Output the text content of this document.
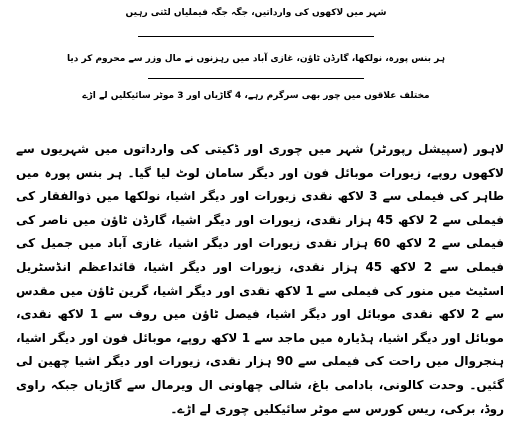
شہر میں لاکھوں کی وارداتیں، جگہ جگہ فیملیاں لٹتی رہیں
ہر بنس پورہ، نولکھا، گارڈن ٹاؤن، غازی آباد میں رہزنوں نے مال وزر سے محروم کر دیا
مختلف علاقوں میں چور بھی سرگرم رہے، 4 گاڑیاں اور 3 موٹر سائیکلیں لے اڑے

لاہور (سپیشل رپورٹر) شہر میں چوری اور ڈکیتی کی وارداتوں میں شہریوں سے لاکھوں روپے، زیورات موبائل فون اور دیگر سامان لوٹ لیا گیا۔ ہر بنس پورہ میں طاہر کی فیملی سے 3 لاکھ نقدی زیورات اور دیگر اشیا، نولکھا میں ذوالفقار کی فیملی سے 2 لاکھ 45 ہزار نقدی، زیورات اور دیگر اشیا، گارڈن ٹاؤن میں ناصر کی فیملی سے 2 لاکھ 60 ہزار نقدی زیورات اور دیگر اشیا، غازی آباد میں جمیل کی فیملی سے 2 لاکھ 45 ہزار نقدی، زیورات اور دیگر اشیا، قائداعظم انڈسٹریل اسٹیٹ میں منور کی فیملی سے 1 لاکھ نقدی اور دیگر اشیا، گرین ٹاؤن میں مقدس سے 2 لاکھ نقدی موبائل اور دیگر اشیا، فیصل ٹاؤن میں روف سے 1 لاکھ نقدی، موبائل اور دیگر اشیا، ہڈیارہ میں ماجد سے 1 لاکھ روپے، موبائل فون اور دیگر اشیا، ہنجروال میں راحت کی فیملی سے 90 ہزار نقدی، زیورات اور دیگر اشیا چھین لی گئیں۔ وحدت کالونی، بادامی باغ، شالی چھاونی ال ویرمال سے گاڑیاں جبکہ راوی روڈ، برکی، ریس کورس سے موٹر سائیکلیں چوری لے اڑے۔
